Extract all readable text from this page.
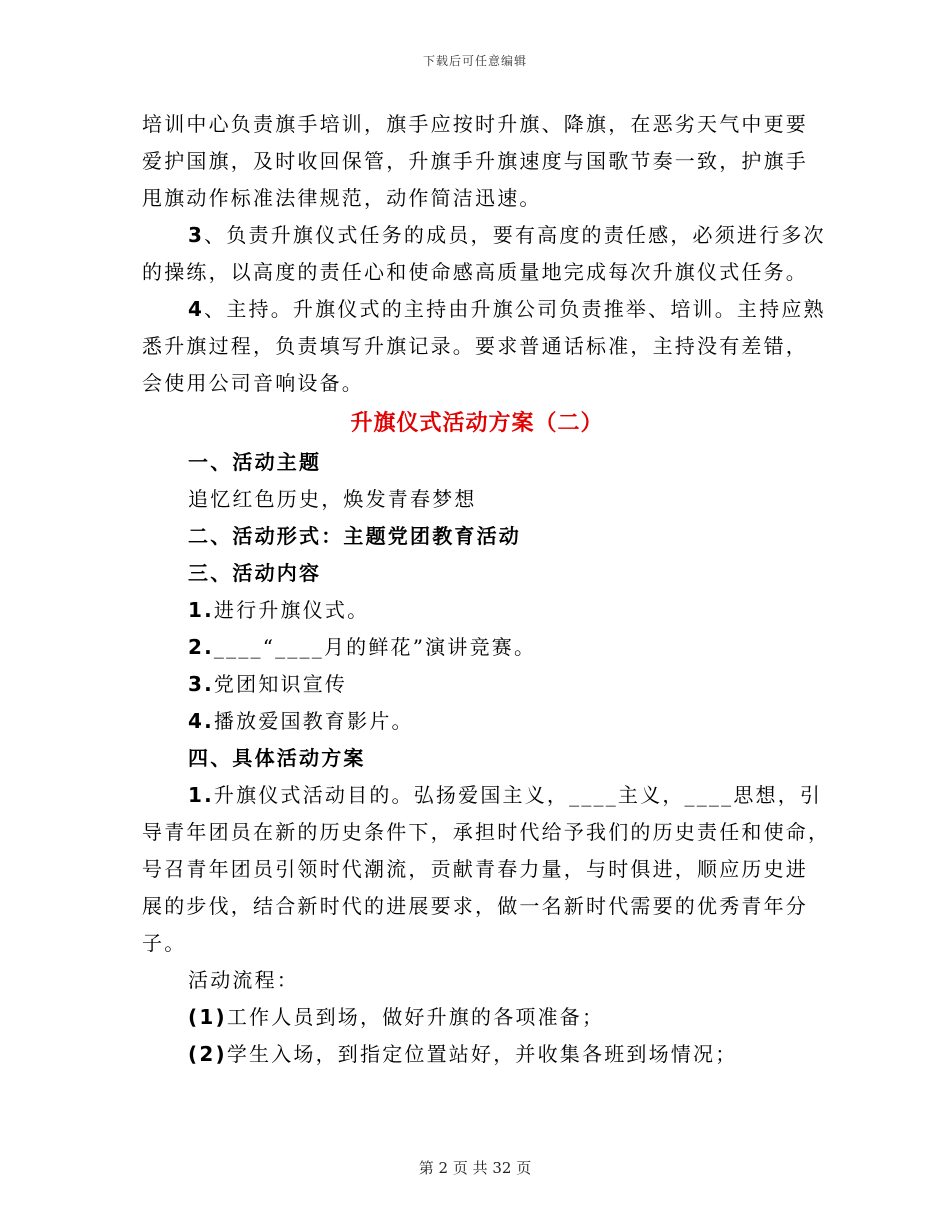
下载后可任意编辑
培训中心负责旗手培训，旗手应按时升旗、降旗，在恶劣天气中更要
爱护国旗，及时收回保管，升旗手升旗速度与国歌节奏一致，护旗手
甩旗动作标准法律规范，动作简洁迅速。
3、负责升旗仪式任务的成员，要有高度的责任感，必须进行多次
的操练，以高度的责任心和使命感高质量地完成每次升旗仪式任务。
4、主持。升旗仪式的主持由升旗公司负责推举、培训。主持应熟
悉升旗过程，负责填写升旗记录。要求普通话标准，主持没有差错，
会使用公司音响设备。
升旗仪式活动方案（二）
一、活动主题
追忆红色历史，焕发青春梦想
二、活动形式：主题党团教育活动
三、活动内容
1.进行升旗仪式。
2.____“____月的鲜花”演讲竞赛。
3.党团知识宣传
4.播放爱国教育影片。
四、具体活动方案
1.升旗仪式活动目的。弘扬爱国主义，____主义，____思想，引
导青年团员在新的历史条件下，承担时代给予我们的历史责任和使命，
号召青年团员引领时代潮流，贡献青春力量，与时俱进，顺应历史进
展的步伐，结合新时代的进展要求，做一名新时代需要的优秀青年分
子。
活动流程：
(1)工作人员到场，做好升旗的各项准备；
(2)学生入场，到指定位置站好，并收集各班到场情况；
第 2 页 共 32 页
